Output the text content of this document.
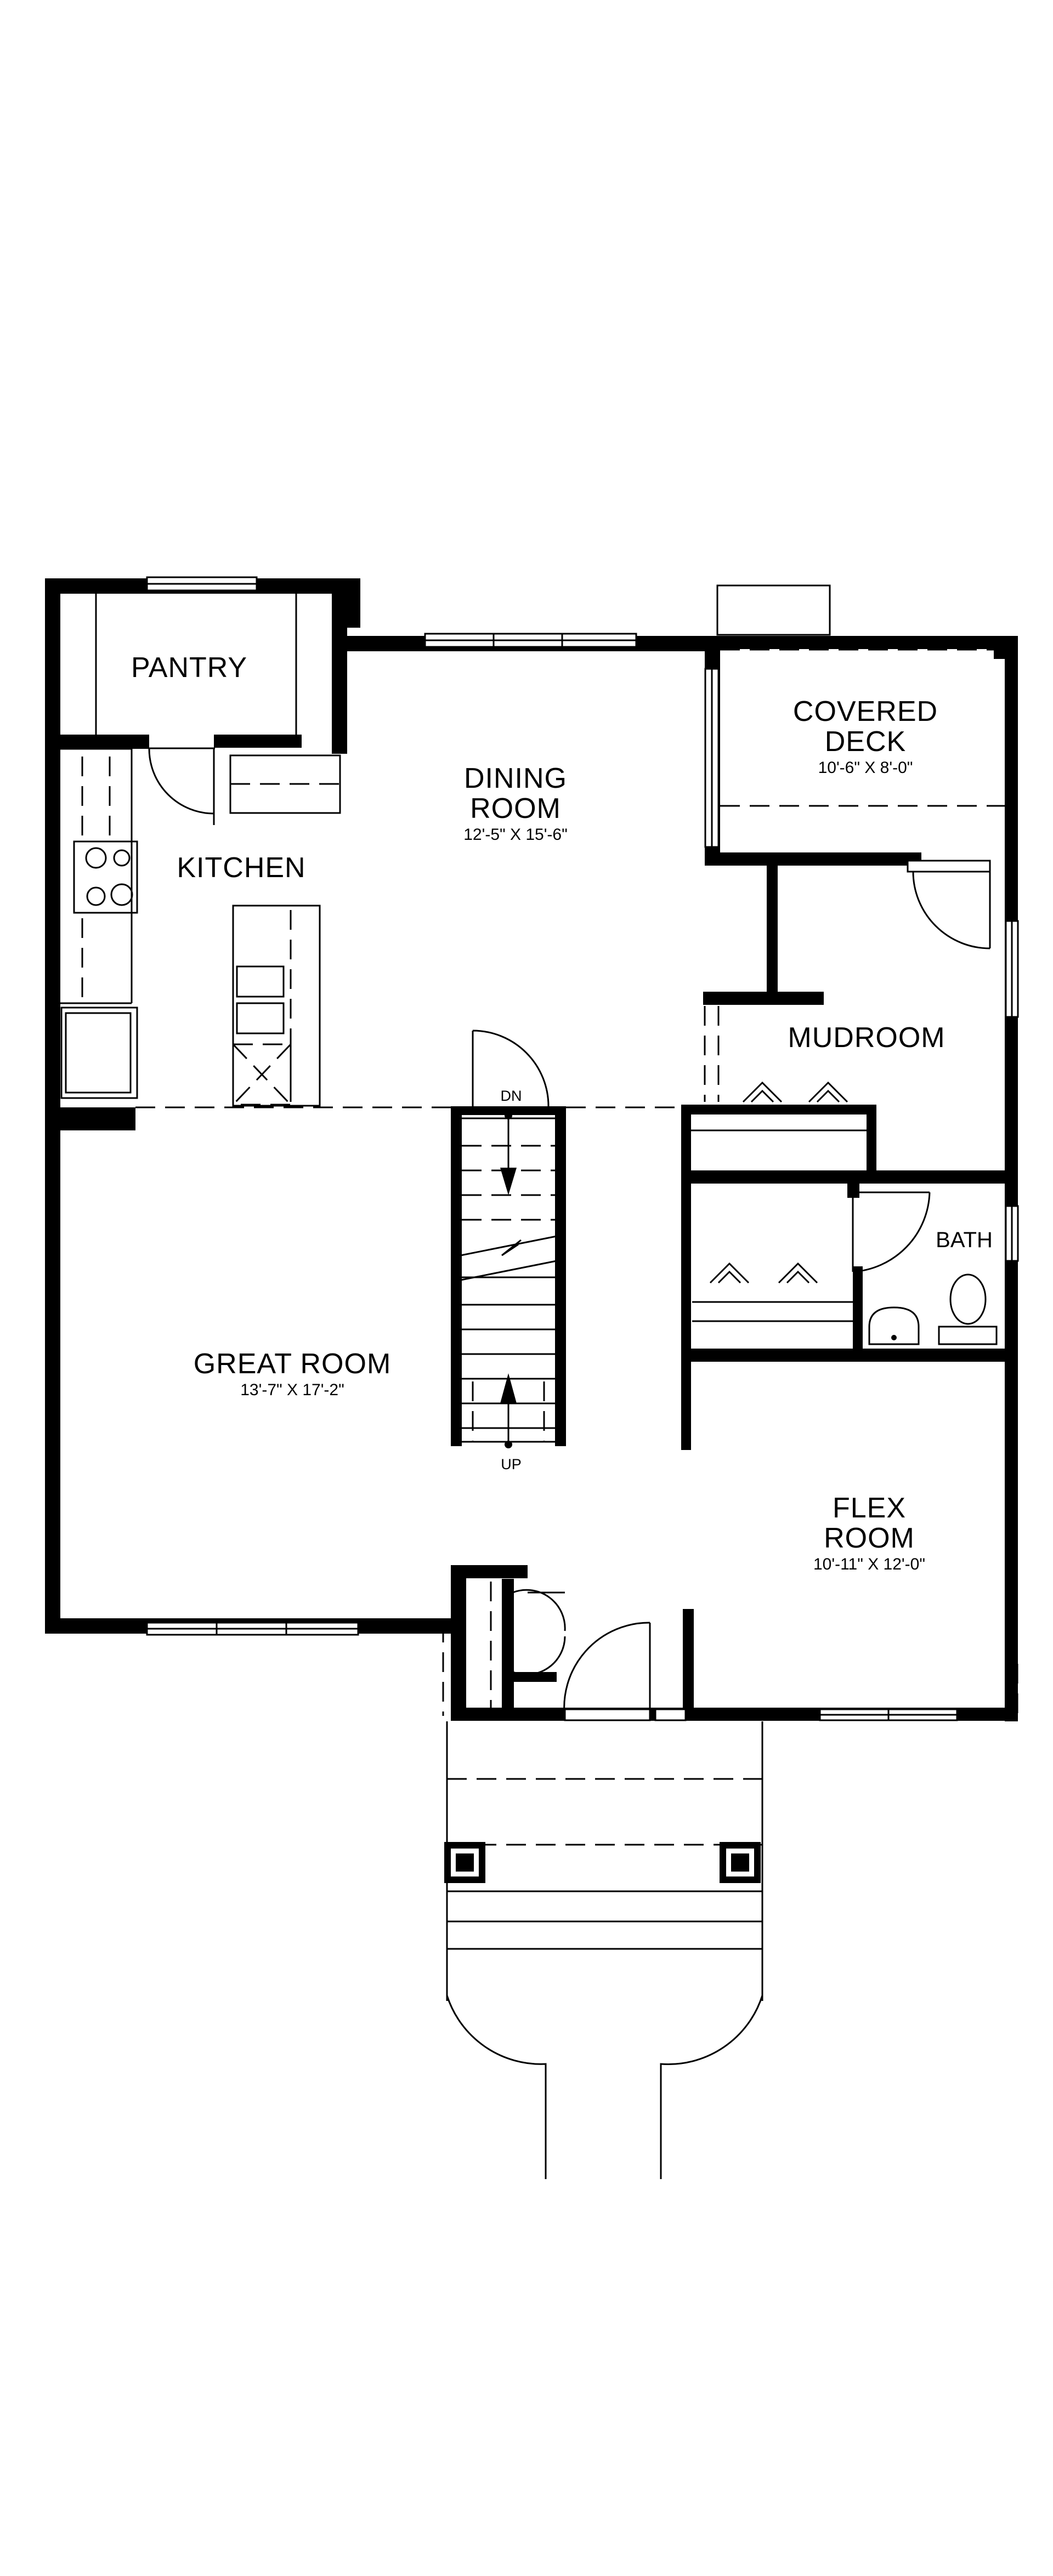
PANTRY
KITCHEN
DINING
ROOM
12'-5" X 15'-6"
COVERED
DECK
10'-6" X 8'-0"
MUDROOM
BATH
GREAT ROOM
13'-7" X 17'-2"
FLEX
ROOM
10'-11" X 12'-0"
DN
UP
